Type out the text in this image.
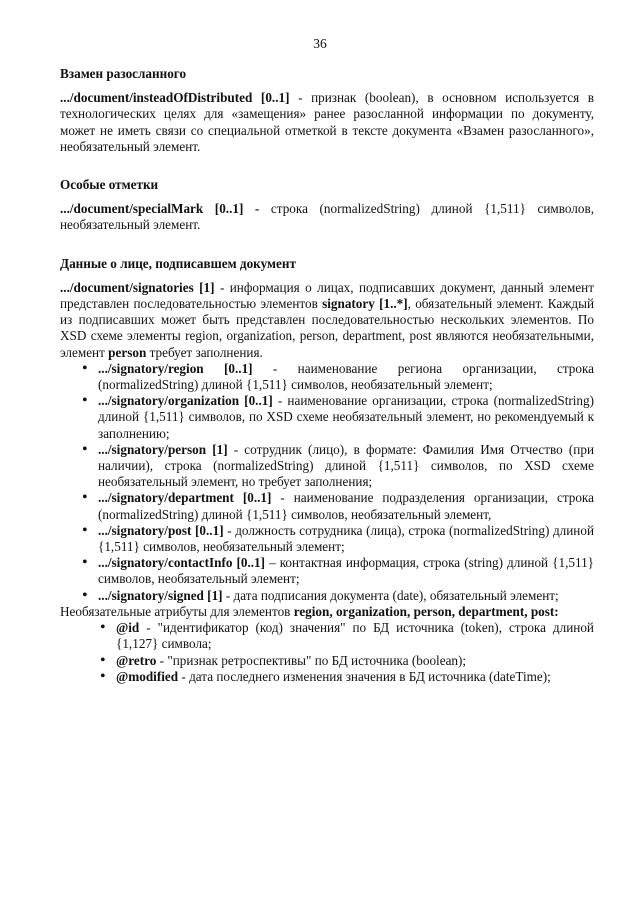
36
Взамен разосланного

.../document/insteadOfDistributed [0..1] - признак (boolean), в основном используется в технологических целях для «замещения» ранее разосланной информации по документу, может не иметь связи со специальной отметкой в тексте документа «Взамен разосланного», необязательный элемент.

Особые отметки

.../document/specialMark [0..1] - строка (normalizedString) длиной {1,511} символов, необязательный элемент.

Данные о лице, подписавшем документ

.../document/signatories [1] - информация о лицах, подписавших документ, данный элемент представлен последовательностью элементов signatory [1..*], обязательный элемент. Каждый из подписавших может быть представлен последовательностью нескольких элементов. По XSD схеме элементы region, organization, person, department, post являются необязательными, элемент person требует заполнения.

• .../signatory/region [0..1] - наименование региона организации, строка (normalizedString) длиной {1,511} символов, необязательный элемент;
• .../signatory/organization [0..1] - наименование организации, строка (normalizedString) длиной {1,511} символов, по XSD схеме необязательный элемент, но рекомендуемый к заполнению;
• .../signatory/person [1] - сотрудник (лицо), в формате: Фамилия Имя Отчество (при наличии), строка (normalizedString) длиной {1,511} символов, по XSD схеме необязательный элемент, но требует заполнения;
• .../signatory/department [0..1] - наименование подразделения организации, строка (normalizedString) длиной {1,511} символов, необязательный элемент,
• .../signatory/post [0..1] - должность сотрудника (лица), строка (normalizedString) длиной {1,511} символов, необязательный элемент;
• .../signatory/contactInfo [0..1] – контактная информация, строка (string) длиной {1,511} символов, необязательный элемент;
• .../signatory/signed [1] - дата подписания документа (date), обязательный элемент;

Необязательные атрибуты для элементов region, organization, person, department, post:

• @id - "идентификатор (код) значения" по БД источника (token), строка длиной {1,127} символа;
• @retro - "признак ретроспективы" по БД источника (boolean);
• @modified - дата последнего изменения значения в БД источника (dateTime);
